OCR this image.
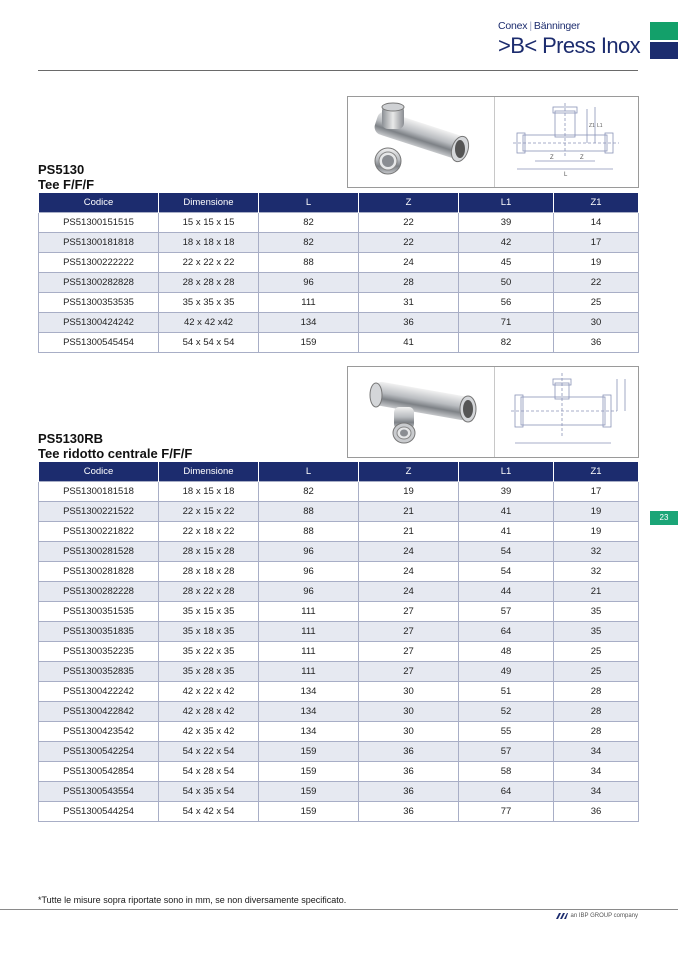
Conex | Bänninger
>B< Press Inox
Z	Z
L
Z1 L1
PS5130
Tee F/F/F
Codice	Dimensione	L	Z	L1	Z1
PS51300151515	15 x 15 x 15	82	22	39	14
PS51300181818	18 x 18 x 18	82	22	42	17
PS51300222222	22 x 22 x 22	88	24	45	19
PS51300282828	28 x 28 x 28	96	28	50	22
PS51300353535	35 x 35 x 35	111	31	56	25
PS51300424242	42 x 42 x42	134	36	71	30
PS51300545454	54 x 54 x 54	159	41	82	36
PS5130RB
Tee ridotto centrale F/F/F
Codice	Dimensione	L	Z	L1	Z1
PS51300181518	18 x 15 x 18	82	19	39	17
PS51300221522	22 x 15 x 22	88	21	41	19
PS51300221822	22 x 18 x 22	88	21	41	19
PS51300281528	28 x 15 x 28	96	24	54	32
PS51300281828	28 x 18 x 28	96	24	54	32
PS51300282228	28 x 22 x 28	96	24	44	21
PS51300351535	35 x 15 x 35	111	27	57	35
PS51300351835	35 x 18 x 35	111	27	64	35
PS51300352235	35 x 22 x 35	111	27	48	25
PS51300352835	35 x 28 x 35	111	27	49	25
PS51300422242	42 x 22 x 42	134	30	51	28
PS51300422842	42 x 28 x 42	134	30	52	28
PS51300423542	42 x 35 x 42	134	30	55	28
PS51300542254	54 x 22 x 54	159	36	57	34
PS51300542854	54 x 28 x 54	159	36	58	34
PS51300543554	54 x 35 x 54	159	36	64	34
PS51300544254	54 x 42 x 54	159	36	77	36
23
*Tutte le misure sopra riportate sono in mm, se non diversamente specificato.
an IBP GROUP company
